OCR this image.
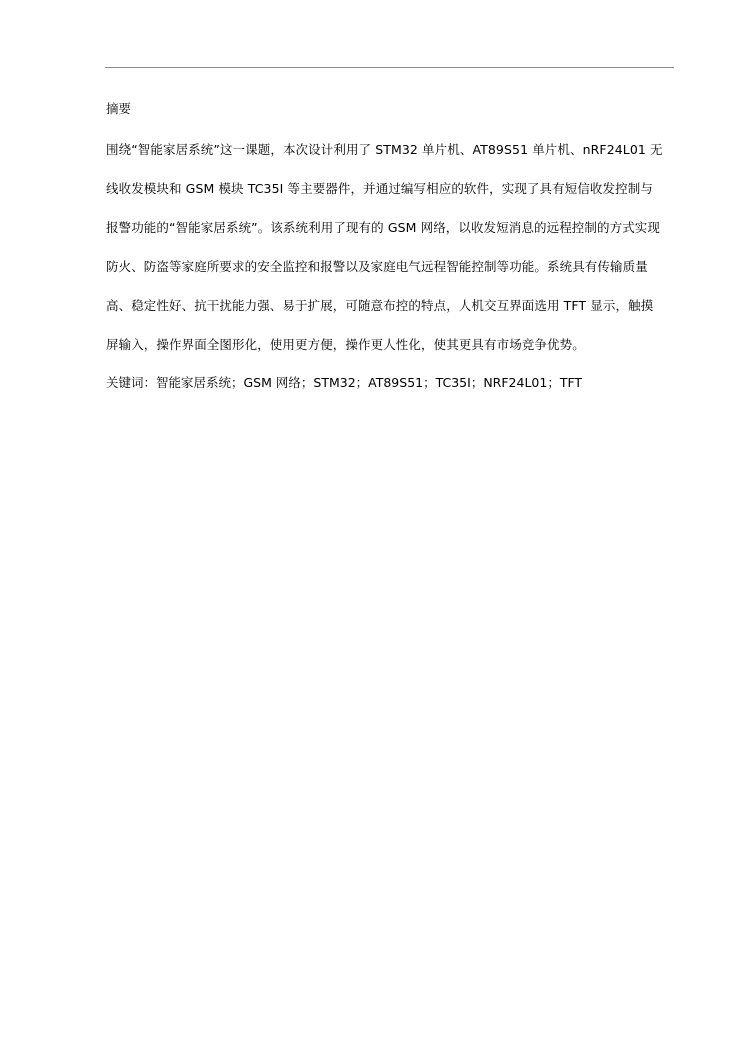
摘要
围绕“智能家居系统”这一课题，本次设计利用了 STM32 单片机、AT89S51 单片机、nRF24L01 无
线收发模块和 GSM 模块 TC35I 等主要器件，并通过编写相应的软件，实现了具有短信收发控制与
报警功能的“智能家居系统”。该系统利用了现有的 GSM 网络，以收发短消息的远程控制的方式实现
防火、防盗等家庭所要求的安全监控和报警以及家庭电气远程智能控制等功能。系统具有传输质量
高、稳定性好、抗干扰能力强、易于扩展，可随意布控的特点，人机交互界面选用 TFT 显示，触摸
屏输入，操作界面全图形化，使用更方便，操作更人性化，使其更具有市场竞争优势。
关键词：智能家居系统；GSM 网络；STM32；AT89S51；TC35I；NRF24L01；TFT
